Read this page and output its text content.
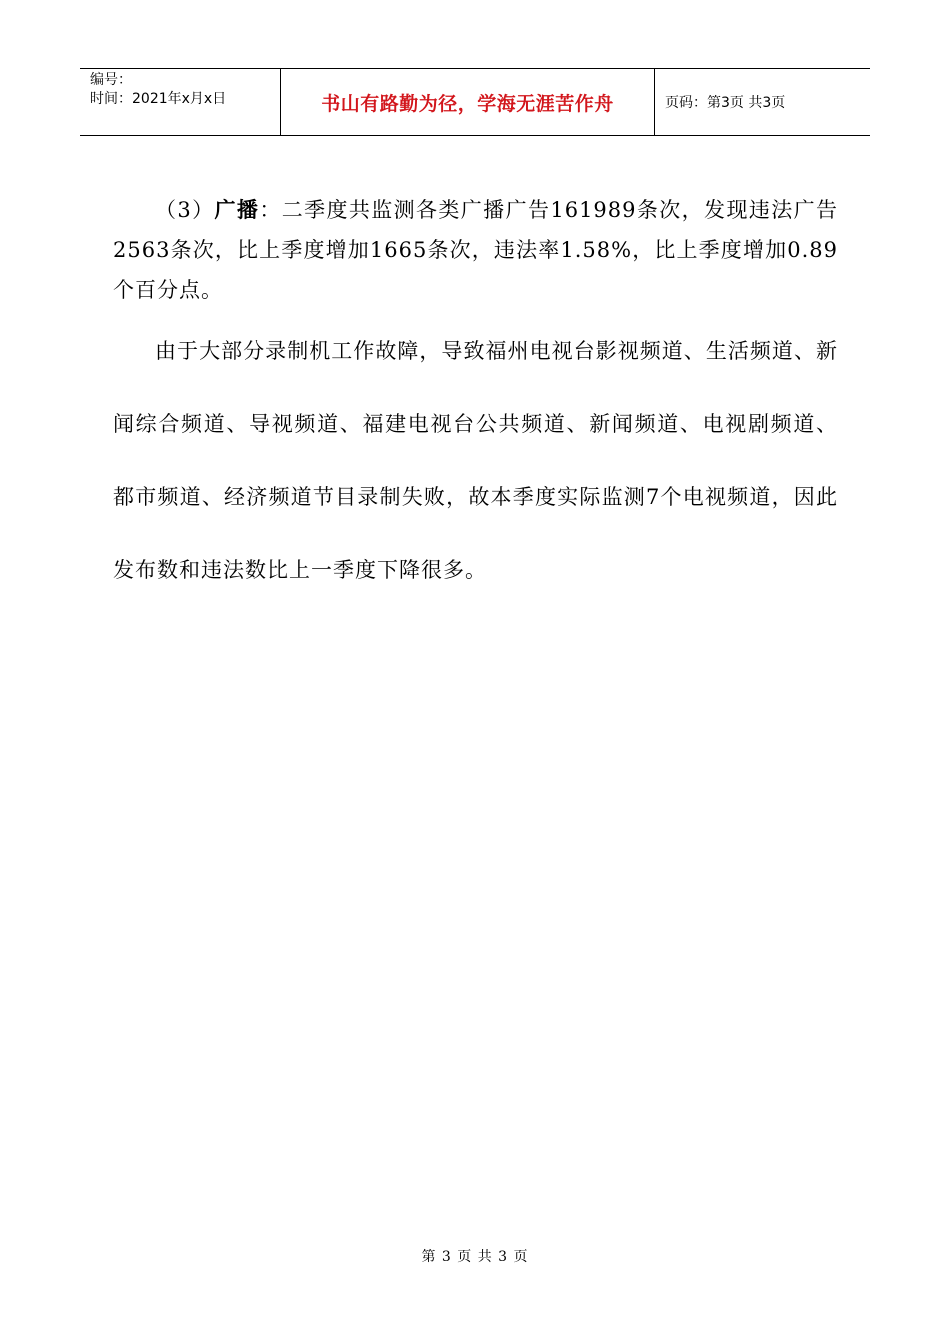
编号：
时间：2021年x月x日	书山有路勤为径，学海无涯苦作舟	页码：第3页 共3页

（3）广播：二季度共监测各类广播广告161989条次，发现违法广告2563条次，比上季度增加1665条次，违法率1.58%，比上季度增加0.89个百分点。

由于大部分录制机工作故障，导致福州电视台影视频道、生活频道、新闻综合频道、导视频道、福建电视台公共频道、新闻频道、电视剧频道、都市频道、经济频道节目录制失败，故本季度实际监测7个电视频道，因此发布数和违法数比上一季度下降很多。

第 3 页 共 3 页
